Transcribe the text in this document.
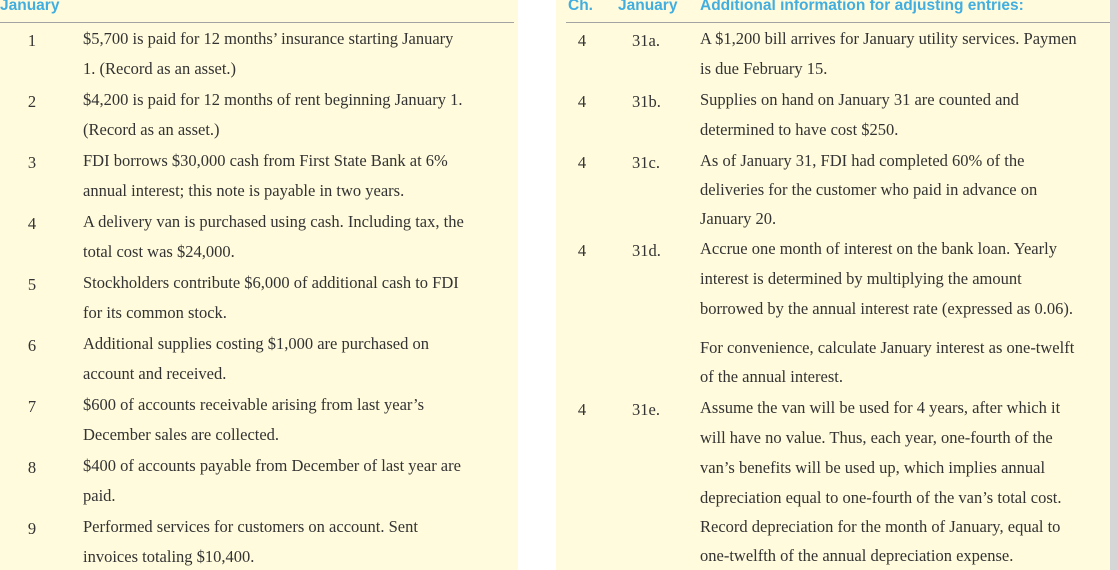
January
1	$5,700 is paid for 12 months’ insurance starting January
1. (Record as an asset.)
2	$4,200 is paid for 12 months of rent beginning January 1.
(Record as an asset.)
3	FDI borrows $30,000 cash from First State Bank at 6%
annual interest; this note is payable in two years.
4	A delivery van is purchased using cash. Including tax, the
total cost was $24,000.
5	Stockholders contribute $6,000 of additional cash to FDI
for its common stock.
6	Additional supplies costing $1,000 are purchased on
account and received.
7	$600 of accounts receivable arising from last year’s
December sales are collected.
8	$400 of accounts payable from December of last year are
paid.
9	Performed services for customers on account. Sent
invoices totaling $10,400.
Ch. January Additional information for adjusting entries:
4	31a. A $1,200 bill arrives for January utility services. Paymen
is due February 15.
4	31b. Supplies on hand on January 31 are counted and
determined to have cost $250.
4	31c. As of January 31, FDI had completed 60% of the
deliveries for the customer who paid in advance on
January 20.
4	31d. Accrue one month of interest on the bank loan. Yearly
interest is determined by multiplying the amount
borrowed by the annual interest rate (expressed as 0.06).
For convenience, calculate January interest as one-twelft
of the annual interest.
4	31e. Assume the van will be used for 4 years, after which it
will have no value. Thus, each year, one-fourth of the
van’s benefits will be used up, which implies annual
depreciation equal to one-fourth of the van’s total cost.
Record depreciation for the month of January, equal to
one-twelfth of the annual depreciation expense.
